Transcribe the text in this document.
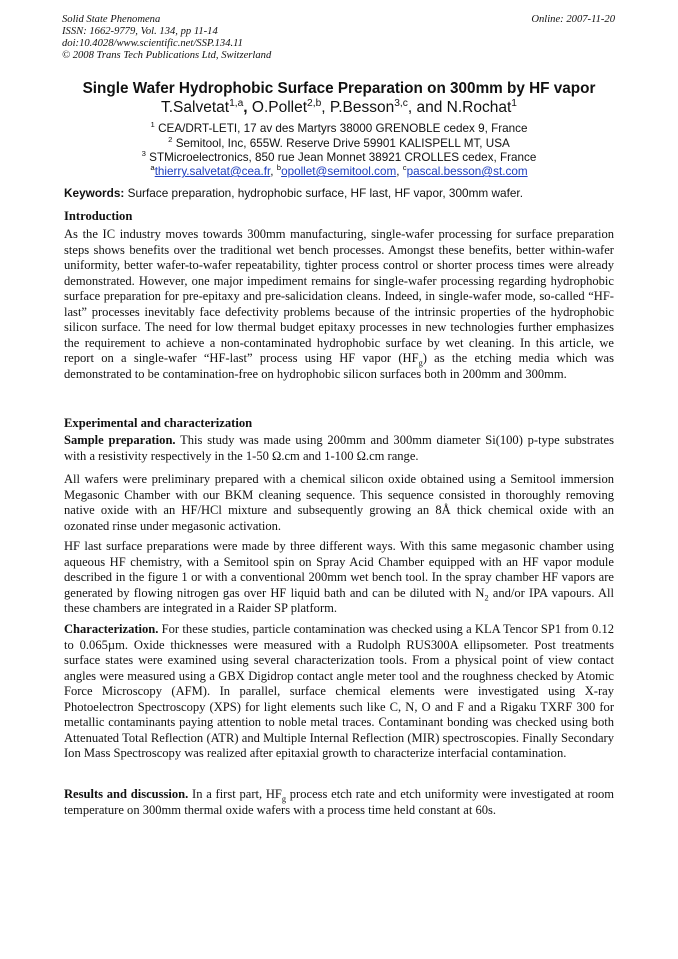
Solid State Phenomena
ISSN: 1662-9779, Vol. 134, pp 11-14
doi:10.4028/www.scientific.net/SSP.134.11
© 2008 Trans Tech Publications Ltd, Switzerland
Online: 2007-11-20
Single Wafer Hydrophobic Surface Preparation on 300mm by HF vapor
T.Salvetat$^{1,a}$, O.Pollet$^{2,b}$, P.Besson$^{3,c}$, and N.Rochat$^1$
$^1$ CEA/DRT-LETI, 17 av des Martyrs 38000 GRENOBLE cedex 9, France
$^2$ Semitool, Inc, 655W. Reserve Drive 59901 KALISPELL MT, USA
$^3$ STMicroelectronics, 850 rue Jean Monnet 38921 CROLLES cedex, France
$^a$thierry.salvetat@cea.fr, $^b$opollet@semitool.com, $^c$pascal.besson@st.com
Keywords: Surface preparation, hydrophobic surface, HF last, HF vapor, 300mm wafer.
Introduction
As the IC industry moves towards 300mm manufacturing, single-wafer processing for surface preparation steps shows benefits over the traditional wet bench processes. Amongst these benefits, better within-wafer uniformity, better wafer-to-wafer repeatability, tighter process control or shorter process times were already demonstrated. However, one major impediment remains for single-wafer processing regarding hydrophobic surface preparation for pre-epitaxy and pre-salicidation cleans. Indeed, in single-wafer mode, so-called “HF-last” processes inevitably face defectivity problems because of the intrinsic properties of the hydrophobic silicon surface. The need for low thermal budget epitaxy processes in new technologies further emphasizes the requirement to achieve a non-contaminated hydrophobic surface by wet cleaning. In this article, we report on a single-wafer “HF-last” process using HF vapor $(HF_g)$ as the etching media which was demonstrated to be contamination-free on hydrophobic silicon surfaces both in 200mm and 300mm.
Experimental and characterization
Sample preparation. This study was made using 200mm and 300mm diameter Si(100) p-type substrates with a resistivity respectively in the 1-50 Ω.cm and 1-100 Ω.cm range.
All wafers were preliminary prepared with a chemical silicon oxide obtained using a Semitool immersion Megasonic Chamber with our BKM cleaning sequence. This sequence consisted in thoroughly removing native oxide with an HF/HCl mixture and subsequently growing an 8Å thick chemical oxide with an ozonated rinse under megasonic activation.
HF last surface preparations were made by three different ways. With this same megasonic chamber using aqueous HF chemistry, with a Semitool spin on Spray Acid Chamber equipped with an HF vapor module described in the figure 1 or with a conventional 200mm wet bench tool. In the spray chamber HF vapors are generated by flowing nitrogen gas over HF liquid bath and can be diluted with $N_2$ and/or IPA vapours. All these chambers are integrated in a Raider SP platform.
Characterization. For these studies, particle contamination was checked using a KLA Tencor SP1 from 0.12 to 0.065µm. Oxide thicknesses were measured with a Rudolph RUS300A ellipsometer. Post treatments surface states were examined using several characterization tools. From a physical point of view contact angles were measured using a GBX Digidrop contact angle meter tool and the roughness checked by Atomic Force Microscopy (AFM). In parallel, surface chemical elements were investigated using X-ray Photoelectron Spectroscopy (XPS) for light elements such like C, N, O and F and a Rigaku TXRF 300 for metallic contaminants paying attention to noble metal traces. Contaminant bonding was checked using both Attenuated Total Reflection (ATR) and Multiple Internal Reflection (MIR) spectroscopies. Finally Secondary Ion Mass Spectroscopy was realized after epitaxial growth to characterize interfacial contamination.
Results and discussion. In a first part, $HF_g$ process etch rate and etch uniformity were investigated at room temperature on 300mm thermal oxide wafers with a process time held constant at 60s.
